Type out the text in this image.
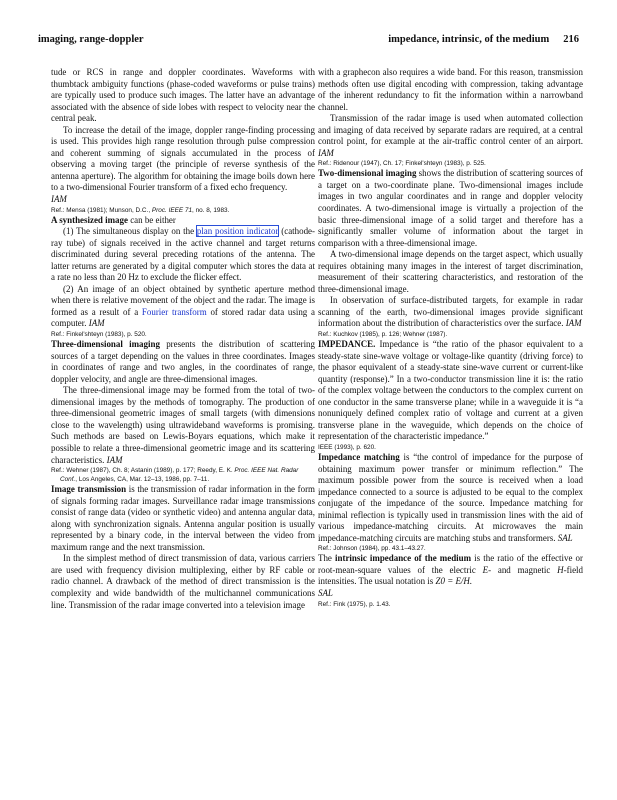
imaging, range-doppler	impedance, intrinsic, of the medium 216

tude or RCS in range and doppler coordinates. Waveforms with thumbtack ambiguity functions (phase-coded waveforms or pulse trains) are typically used to produce such images. The latter have an advantage associated with the absence of side lobes with respect to velocity near the central peak.

To increase the detail of the image, doppler range-finding processing is used. This provides high range resolution through pulse compression and coherent summing of signals accumulated in the process of observing a moving target (the principle of reverse synthesis of the antenna aperture). The algorithm for obtaining the image boils down here to a two-dimensional Fourier transform of a fixed echo frequency.
IAM

Ref.: Mensa (1981); Munson, D.C., Proc. IEEE 71, no. 8, 1983.

A synthesized image can be either

(1) The simultaneous display on the plan position indicator (cathode-ray tube) of signals received in the active channel and target returns discriminated during several preceding rotations of the antenna. The latter returns are generated by a digital computer which stores the data at a rate no less than 20 Hz to exclude the flicker effect.

(2) An image of an object obtained by synthetic aperture method when there is relative movement of the object and the radar. The image is formed as a result of a Fourier transform of stored radar data using a computer. IAM

Ref.: Finkel'shteyn (1983), p. 520.

Three-dimensional imaging presents the distribution of scattering sources of a target depending on the values in three coordinates. Images in coordinates of range and two angles, in the coordinates of range, doppler velocity, and angle are three-dimensional images.

The three-dimensional image may be formed from the total of two-dimensional images by the methods of tomography. The production of three-dimensional geometric images of small targets (with dimensions close to the wavelength) using ultrawideband waveforms is promising. Such methods are based on Lewis-Boyars equations, which make it possible to relate a three-dimensional geometric image and its scattering characteristics. IAM

Ref.: Wehner (1987), Ch. 8; Astanin (1989), p. 177; Reedy, E. K. Proc. IEEE Nat. Radar Conf., Los Angeles, CA, Mar. 12–13, 1986, pp. 7–11.

Image transmission is the transmission of radar information in the form of signals forming radar images. Surveillance radar image transmissions consist of range data (video or synthetic video) and antenna angular data, along with synchronization signals. Antenna angular position is usually represented by a binary code, in the interval between the video from maximum range and the next transmission.

In the simplest method of direct transmission of data, various carriers are used with frequency division multiplexing, either by RF cable or radio channel. A drawback of the method of direct transmission is the complexity and wide bandwidth of the multichannel communications line. Transmission of the radar image converted into a television image

with a graphecon also requires a wide band. For this reason, transmission methods often use digital encoding with compression, taking advantage of the inherent redundancy to fit the information within a narrowband channel.

Transmission of the radar image is used when automated collection and imaging of data received by separate radars are required, at a central control point, for example at the air-traffic control center of an airport. IAM

Ref.: Ridenour (1947), Ch. 17; Finkel'shteyn (1983), p. 525.

Two-dimensional imaging shows the distribution of scattering sources of a target on a two-coordinate plane. Two-dimensional images include images in two angular coordinates and in range and doppler velocity coordinates. A two-dimensional image is virtually a projection of the basic three-dimensional image of a solid target and therefore has a significantly smaller volume of information about the target in comparison with a three-dimensional image.

A two-dimensional image depends on the target aspect, which usually requires obtaining many images in the interest of target discrimination, measurement of their scattering characteristics, and restoration of the three-dimensional image.

In observation of surface-distributed targets, for example in radar scanning of the earth, two-dimensional images provide significant information about the distribution of characteristics over the surface. IAM

Ref.: Kuchkov (1985), p. 126; Wehner (1987).

IMPEDANCE. Impedance is “the ratio of the phasor equivalent to a steady-state sine-wave voltage or voltage-like quantity (driving force) to the phasor equivalent of a steady-state sine-wave current or current-like quantity (response).” In a two-conductor transmission line it is: the ratio of the complex voltage between the conductors to the complex current on one conductor in the same transverse plane; while in a waveguide it is “a nonuniquely defined complex ratio of voltage and current at a given transverse plane in the waveguide, which depends on the choice of representation of the characteristic impedance.”

IEEE (1993), p. 620.

Impedance matching is “the control of impedance for the purpose of obtaining maximum power transfer or minimum reflection.” The maximum possible power from the source is received when a load impedance connected to a source is adjusted to be equal to the complex conjugate of the impedance of the source. Impedance matching for minimal reflection is typically used in transmission lines with the aid of various impedance-matching circuits. At microwaves the main impedance-matching circuits are matching stubs and transformers. SAL

Ref.: Johnson (1984), pp. 43.1–43.27.

The intrinsic impedance of the medium is the ratio of the effective or root-mean-square values of the electric E- and magnetic H-field intensities. The usual notation is Z0 = E/H.
SAL

Ref.: Fink (1975), p. 1.43.
